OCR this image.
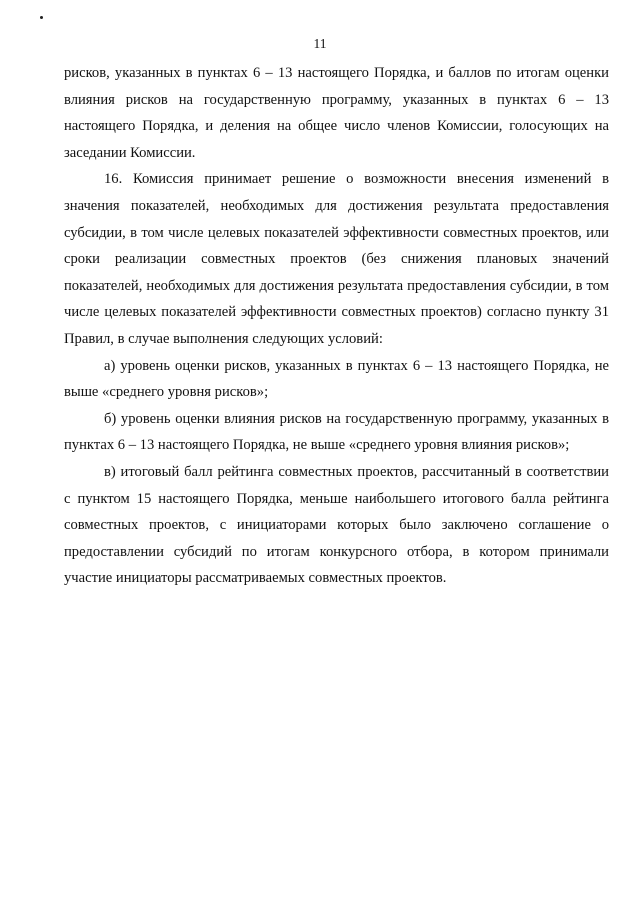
11

рисков, указанных в пунктах 6 – 13 настоящего Порядка, и баллов по итогам оценки влияния рисков на государственную программу, указанных в пунктах 6 – 13 настоящего Порядка, и деления на общее число членов Комиссии, голосующих на заседании Комиссии.

16. Комиссия принимает решение о возможности внесения изменений в значения показателей, необходимых для достижения результата предоставления субсидии, в том числе целевых показателей эффективности совместных проектов, или сроки реализации совместных проектов (без снижения плановых значений показателей, необходимых для достижения результата предоставления субсидии, в том числе целевых показателей эффективности совместных проектов) согласно пункту 31 Правил, в случае выполнения следующих условий:

а) уровень оценки рисков, указанных в пунктах 6 – 13 настоящего Порядка, не выше «среднего уровня рисков»;

б) уровень оценки влияния рисков на государственную программу, указанных в пунктах 6 – 13 настоящего Порядка, не выше «среднего уровня влияния рисков»;

в) итоговый балл рейтинга совместных проектов, рассчитанный в соответствии с пунктом 15 настоящего Порядка, меньше наибольшего итогового балла рейтинга совместных проектов, с инициаторами которых было заключено соглашение о предоставлении субсидий по итогам конкурсного отбора, в котором принимали участие инициаторы рассматриваемых совместных проектов.
